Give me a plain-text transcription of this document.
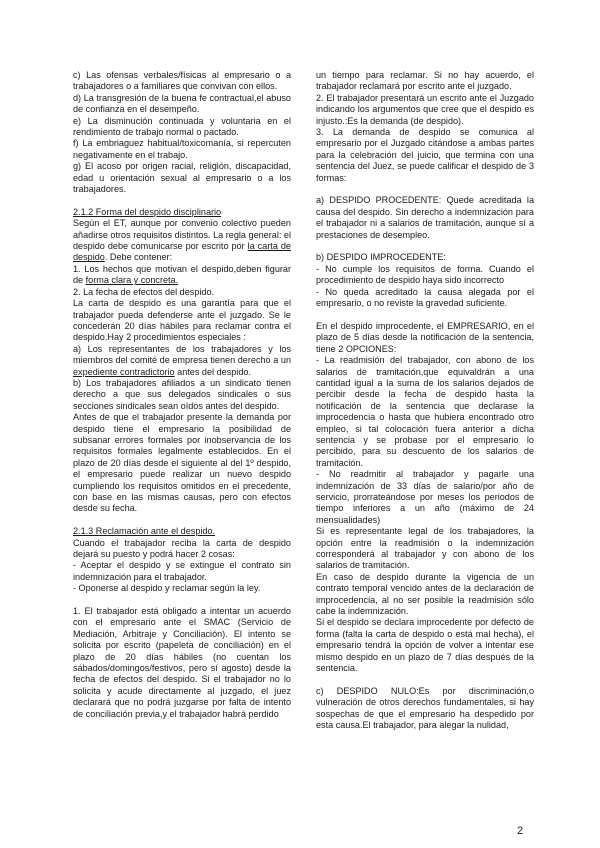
c) Las ofensas verbales/físicas al empresario o a trabajadores o a familiares que convivan con ellos.

d) La transgresión de la buena fe contractual,el abuso de confianza en el desempeño.

e) La disminución continuada y voluntaria en el rendimiento de trabajo normal o pactado.

f) La embriaguez habitual/toxicomanía, si repercuten negativamente en el trabajo.

g) El acoso por origen racial, religión, discapacidad, edad u orientación sexual al empresario o a los trabajadores.

2.1.2 Forma del despido disciplinario

Según el ET, aunque por convenio colectivo pueden añadirse otros requisitos distintos. La regla general: el despido debe comunicarse por escrito por la carta de despido. Debe contener:

1. Los hechos que motivan el despido,deben figurar de forma clara y concreta.

2. La fecha de efectos del despido.

La carta de despido es una garantía para que el trabajador pueda defenderse ante el juzgado. Se le concederán 20 días hábiles para reclamar contra el despido.Hay 2 procedimientos especiales :

a) Los representantes de los trabajadores y los miembros del comité de empresa tienen derecho a un expediente contradictorio antes del despido.

b) Los trabajadores afiliados a un sindicato tienen derecho a que sus delegados sindicales o sus secciones sindicales sean oídos antes del despido.

Antes de que el trabajador presente la demanda por despido tiene el empresario la posibilidad de subsanar errores formales por inobservancia de los requisitos formales legalmente establecidos. En el plazo de 20 días desde el siguiente al del 1º despido, el empresario puede realizar un nuevo despido cumpliendo los requisitos omitidos en el precedente, con base en las mismas causas, pero con efectos desde su fecha.

2.1.3 Reclamación ante el despido.

Cuando el trabajador reciba la carta de despido dejará su puesto y podrá hacer 2 cosas:

- Aceptar el despido y se extingue el contrato sin indemnización para el trabajador.

- Oponerse al despido y reclamar según la ley.

1. El trabajador está obligado a intentar un acuerdo con el empresario ante el SMAC (Servicio de Mediación, Arbitraje y Conciliación). El intento se solicita por escrito (papeleta de conciliación) en el plazo de 20 días hábiles (no cuentan los sábados/domingos/festivos, pero sí agosto) desde la fecha de efectos del despido. Si el trabajador no lo solicita y acude directamente al juzgado, el juez declarará que no podrá juzgarse por falta de intento de conciliación previa,y el trabajador habrá perdido

un tiempo para reclamar. Si no hay acuerdo, el trabajador reclamará por escrito ante el juzgado.

2. El trabajador presentará un escrito ante el Juzgado indicando los argumentos que cree que el despido es injusto.:Es la demanda (de despido).

3. La demanda de despido se comunica al empresario por el Juzgado citándose a ambas partes para la celebración del juicio, que termina con una sentencia del Juez, se puede calificar el despido de 3 formas:

a) DESPIDO PROCEDENTE: Quede acreditada la causa del despido. Sin derecho a indemnización para el trabajador ni a salarios de tramitación, aunque sí a prestaciones de desempleo.

b) DESPIDO IMPROCEDENTE:

- No cumple los requisitos de forma. Cuando el procedimiento de despido haya sido incorrecto

- No queda acreditado la causa alegada por el empresario, o no reviste la gravedad suficiente.

En el despido improcedente, el EMPRESARIO, en el plazo de 5 días desde la notificación de la sentencia, tiene 2 OPCIONES:

- La readmisión del trabajador, con abono de los salarios de tramitación,que equivaldrán a una cantidad igual a la suma de los salarios dejados de percibir desde la fecha de despido hasta la notificación de la sentencia que declarase la improcedencia o hasta que hubiera encontrado otro empleo, si tal colocación fuera anterior a dicha sentencia y se probase por el empresario lo percibido, para su descuento de los salarios de tramitación.

- No readmitir al trabajador y pagarle una indemnización de 33 días de salario/por año de servicio, prorrateándose por meses los periodos de tiempo inferiores a un año (máximo de 24 mensualidades)

Si es representante legal de los trabajadores, la opción entre la readmisión o la indemnización corresponderá al trabajador y con abono de los salarios de tramitación.

En caso de despido durante la vigencia de un contrato temporal vencido antes de la declaración de improcedencia, al no ser posible la readmisión sólo cabe la indemnización.

Si el despido se declara improcedente por defecto de forma (falta la carta de despido o está mal hecha), el empresario tendrá la opción de volver a intentar ese mismo despido en un plazo de 7 días después de la sentencia.

c) DESPIDO NULO:Es por discriminación,o vulneración de otros derechos fundamentales, si hay sospechas de que el empresario ha despedido por esta causa.El trabajador, para alegar la nulidad,

2
